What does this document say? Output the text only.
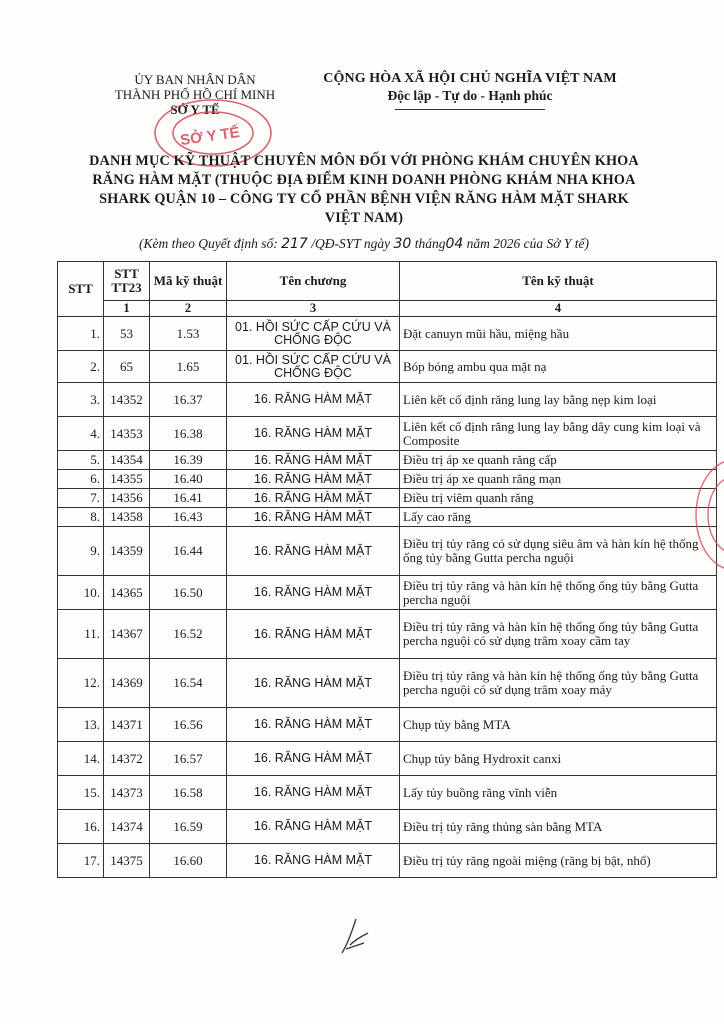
ỦY BAN NHÂN DÂN
THÀNH PHỐ HỒ CHÍ MINH
SỞ Y TẾ
SỞ Y TẾ
CỘNG HÒA XÃ HỘI CHỦ NGHĨA VIỆT NAM
Độc lập - Tự do - Hạnh phúc
DANH MỤC KỸ THUẬT CHUYÊN MÔN ĐỐI VỚI PHÒNG KHÁM CHUYÊN KHOA
RĂNG HÀM MẶT (THUỘC ĐỊA ĐIỂM KINH DOANH PHÒNG KHÁM NHA KHOA
SHARK QUẬN 10 – CÔNG TY CỔ PHẦN BỆNH VIỆN RĂNG HÀM MẶT SHARK
VIỆT NAM)
(Kèm theo Quyết định số: 217 /QĐ-SYT ngày 30 tháng04 năm 2026 của Sở Y tế)
STT	STT TT23	Mã kỹ thuật	Tên chương	Tên kỹ thuật
	1	2	3	4
1.	53	1.53	01. HỒI SỨC CẤP CỨU VÀ CHỐNG ĐỘC	Đặt canuyn mũi hầu, miệng hầu
2.	65	1.65	01. HỒI SỨC CẤP CỨU VÀ CHỐNG ĐỘC	Bóp bóng ambu qua mặt nạ
3.	14352	16.37	16. RĂNG HÀM MẶT	Liên kết cố định răng lung lay bằng nẹp kim loại
4.	14353	16.38	16. RĂNG HÀM MẶT	Liên kết cố định răng lung lay bằng dây cung kim loại và Composite
5.	14354	16.39	16. RĂNG HÀM MẶT	Điều trị áp xe quanh răng cấp
6.	14355	16.40	16. RĂNG HÀM MẶT	Điều trị áp xe quanh răng mạn
7.	14356	16.41	16. RĂNG HÀM MẶT	Điều trị viêm quanh răng
8.	14358	16.43	16. RĂNG HÀM MẶT	Lấy cao răng
9.	14359	16.44	16. RĂNG HÀM MẶT	Điều trị tủy răng có sử dụng siêu âm và hàn kín hệ thống ống tủy bằng Gutta percha nguội
10.	14365	16.50	16. RĂNG HÀM MẶT	Điều trị tủy răng và hàn kín hệ thống ống tủy bằng Gutta percha nguội
11.	14367	16.52	16. RĂNG HÀM MẶT	Điều trị tủy răng và hàn kín hệ thống ống tủy bằng Gutta percha nguội có sử dụng trâm xoay cầm tay
12.	14369	16.54	16. RĂNG HÀM MẶT	Điều trị tủy răng và hàn kín hệ thống ống tủy bằng Gutta percha nguội có sử dụng trâm xoay máy
13.	14371	16.56	16. RĂNG HÀM MẶT	Chụp tủy bằng MTA
14.	14372	16.57	16. RĂNG HÀM MẶT	Chụp tủy bằng Hydroxit canxi
15.	14373	16.58	16. RĂNG HÀM MẶT	Lấy tủy buồng răng vĩnh viễn
16.	14374	16.59	16. RĂNG HÀM MẶT	Điều trị tủy răng thủng sàn bằng MTA
17.	14375	16.60	16. RĂNG HÀM MẶT	Điều trị tủy răng ngoài miệng (răng bị bật, nhổ)
